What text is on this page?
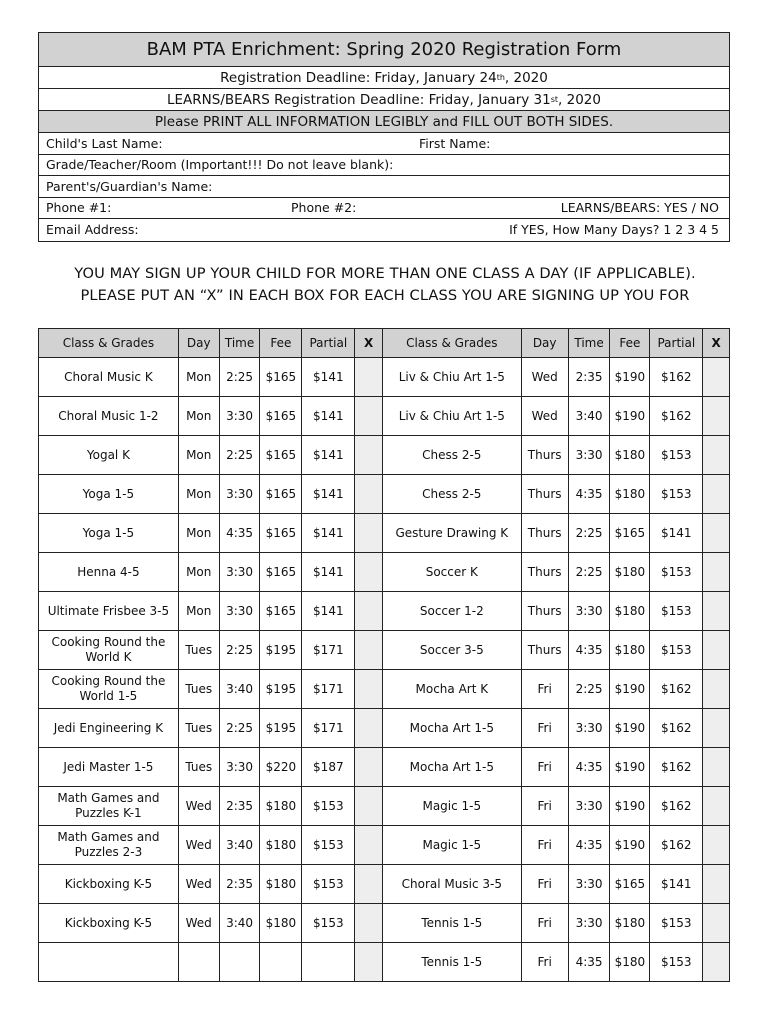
BAM PTA Enrichment: Spring 2020 Registration Form
Registration Deadline: Friday, January 24 th , 2020
LEARNS/BEARS Registration Deadline: Friday, January 31 st , 2020
Please PRINT ALL INFORMATION LEGIBLY and FILL OUT BOTH SIDES.
Child's Last Name:	First Name:
Grade/Teacher/Room (Important!!! Do not leave blank):
Parent's/Guardian's Name:
Phone #1:	Phone #2:	LEARNS/BEARS: YES / NO
Email Address:	If YES, How Many Days? 1 2 3 4 5
YOU MAY SIGN UP YOUR CHILD FOR MORE THAN ONE CLASS A DAY (IF APPLICABLE).
PLEASE PUT AN “X” IN EACH BOX FOR EACH CLASS YOU ARE SIGNING UP YOU FOR
Class & Grades	Day	Time	Fee	Partial	X	Class & Grades	Day	Time	Fee	Partial	X
Choral Music K	Mon	2:25	$165	$141		Liv & Chiu Art 1-5	Wed	2:35	$190	$162	
Choral Music 1-2	Mon	3:30	$165	$141		Liv & Chiu Art 1-5	Wed	3:40	$190	$162	
Yogal K	Mon	2:25	$165	$141		Chess 2-5	Thurs	3:30	$180	$153	
Yoga 1-5	Mon	3:30	$165	$141		Chess 2-5	Thurs	4:35	$180	$153	
Yoga 1-5	Mon	4:35	$165	$141		Gesture Drawing K	Thurs	2:25	$165	$141	
Henna 4-5	Mon	3:30	$165	$141		Soccer K	Thurs	2:25	$180	$153	
Ultimate Frisbee 3-5	Mon	3:30	$165	$141		Soccer 1-2	Thurs	3:30	$180	$153	
Cooking Round the World K	Tues	2:25	$195	$171		Soccer 3-5	Thurs	4:35	$180	$153	
Cooking Round the World 1-5	Tues	3:40	$195	$171		Mocha Art K	Fri	2:25	$190	$162	
Jedi Engineering K	Tues	2:25	$195	$171		Mocha Art 1-5	Fri	3:30	$190	$162	
Jedi Master 1-5	Tues	3:30	$220	$187		Mocha Art 1-5	Fri	4:35	$190	$162	
Math Games and Puzzles K-1	Wed	2:35	$180	$153		Magic 1-5	Fri	3:30	$190	$162	
Math Games and Puzzles 2-3	Wed	3:40	$180	$153		Magic 1-5	Fri	4:35	$190	$162	
Kickboxing K-5	Wed	2:35	$180	$153		Choral Music 3-5	Fri	3:30	$165	$141	
Kickboxing K-5	Wed	3:40	$180	$153		Tennis 1-5	Fri	3:30	$180	$153	
						Tennis 1-5	Fri	4:35	$180	$153	
